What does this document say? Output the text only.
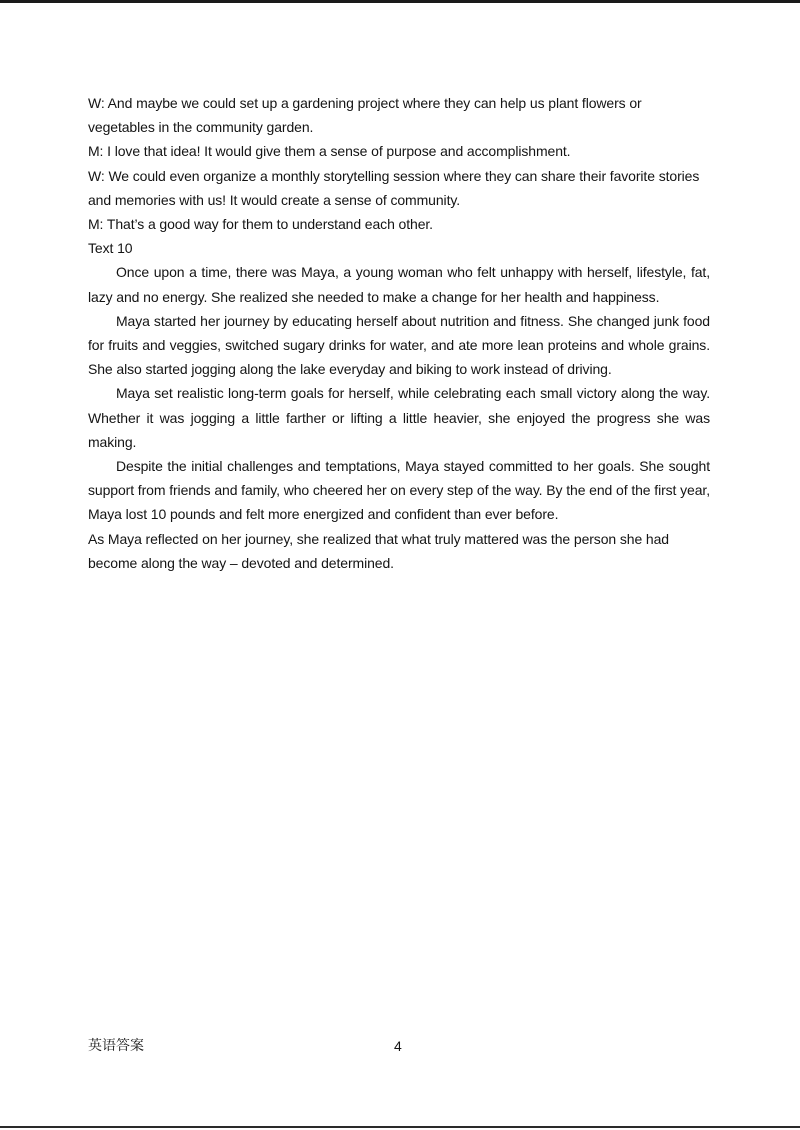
W: And maybe we could set up a gardening project where they can help us plant flowers or vegetables in the community garden.

M: I love that idea! It would give them a sense of purpose and accomplishment.

W: We could even organize a monthly storytelling session where they can share their favorite stories and memories with us! It would create a sense of community.

M: That’s a good way for them to understand each other.

Text 10

Once upon a time, there was Maya, a young woman who felt unhappy with herself, lifestyle, fat, lazy and no energy. She realized she needed to make a change for her health and happiness.

Maya started her journey by educating herself about nutrition and fitness. She changed junk food for fruits and veggies, switched sugary drinks for water, and ate more lean proteins and whole grains. She also started jogging along the lake everyday and biking to work instead of driving.

Maya set realistic long-term goals for herself, while celebrating each small victory along the way. Whether it was jogging a little farther or lifting a little heavier, she enjoyed the progress she was making.

Despite the initial challenges and temptations, Maya stayed committed to her goals. She sought support from friends and family, who cheered her on every step of the way. By the end of the first year, Maya lost 10 pounds and felt more energized and confident than ever before.

As Maya reflected on her journey, she realized that what truly mattered was the person she had become along the way – devoted and determined.

英语答案	4
